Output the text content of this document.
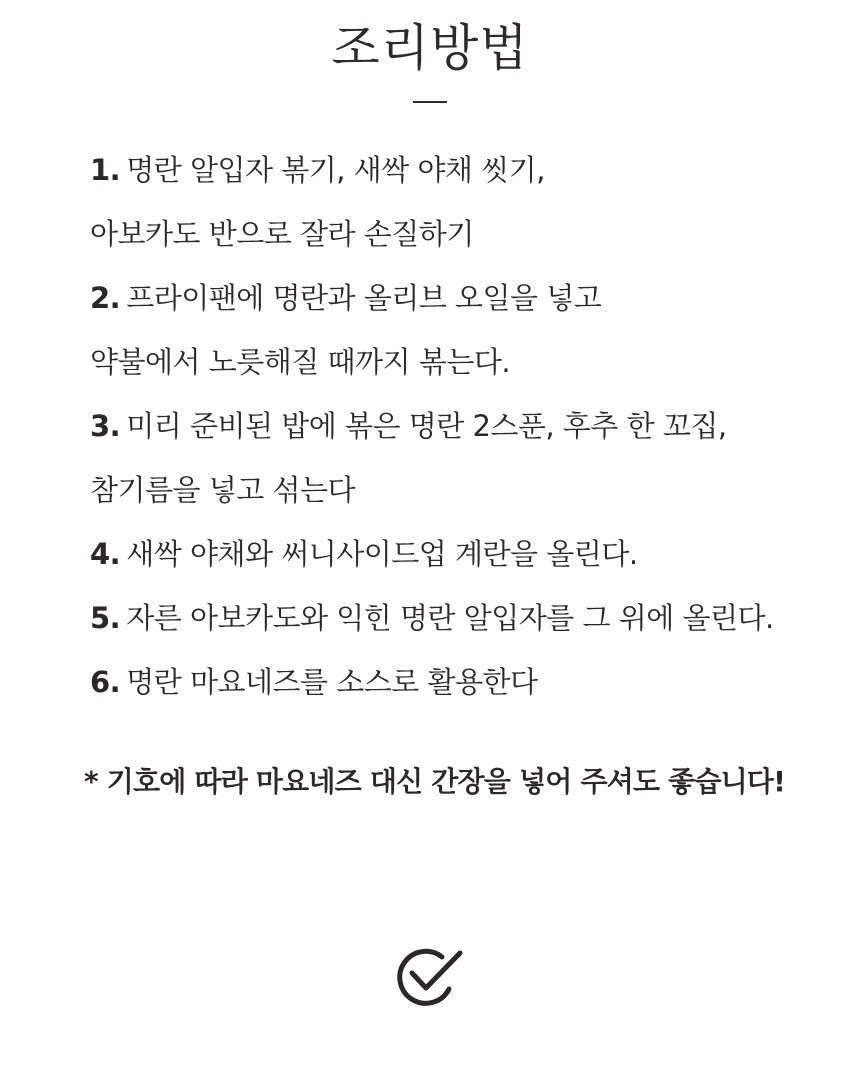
조리방법
1. 명란 알입자 볶기, 새싹 야채 씻기,
아보카도 반으로 잘라 손질하기
2. 프라이팬에 명란과 올리브 오일을 넣고
약불에서 노릇해질 때까지 볶는다.
3. 미리 준비된 밥에 볶은 명란 2스푼, 후추 한 꼬집,
참기름을 넣고 섞는다
4. 새싹 야채와 써니사이드업 계란을 올린다.
5. 자른 아보카도와 익힌 명란 알입자를 그 위에 올린다.
6. 명란 마요네즈를 소스로 활용한다
* 기호에 따라 마요네즈 대신 간장을 넣어 주셔도 좋습니다!
